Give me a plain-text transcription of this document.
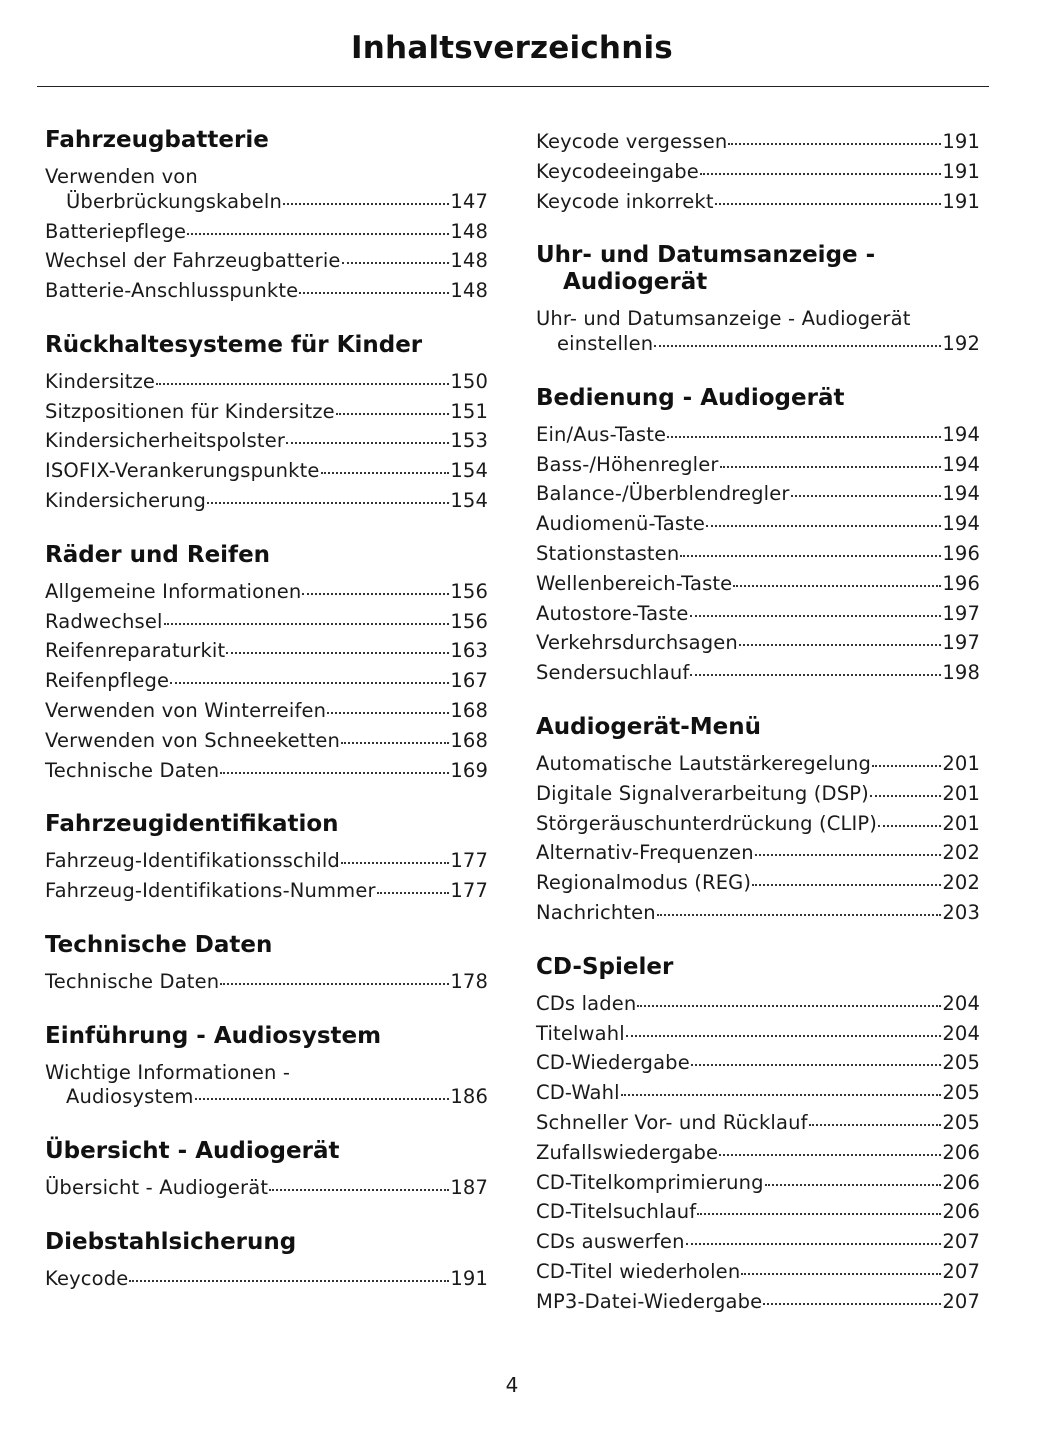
Inhaltsverzeichnis
Fahrzeugbatterie
Verwenden von
Überbrückungskabeln	147
Batteriepflege	148
Wechsel der Fahrzeugbatterie	148
Batterie-Anschlusspunkte	148
Rückhaltesysteme für Kinder
Kindersitze	150
Sitzpositionen für Kindersitze	151
Kindersicherheitspolster	153
ISOFIX-Verankerungspunkte	154
Kindersicherung	154
Räder und Reifen
Allgemeine Informationen	156
Radwechsel	156
Reifenreparaturkit	163
Reifenpflege	167
Verwenden von Winterreifen	168
Verwenden von Schneeketten	168
Technische Daten	169
Fahrzeugidentifikation
Fahrzeug-Identifikationsschild	177
Fahrzeug-Identifikations-Nummer	177
Technische Daten
Technische Daten	178
Einführung - Audiosystem
Wichtige Informationen -
Audiosystem	186
Übersicht - Audiogerät
Übersicht - Audiogerät	187
Diebstahlsicherung
Keycode	191
Keycode vergessen	191
Keycodeeingabe	191
Keycode inkorrekt	191
Uhr- und Datumsanzeige - Audiogerät
Uhr- und Datumsanzeige - Audiogerät
einstellen	192
Bedienung - Audiogerät
Ein/Aus-Taste	194
Bass-/Höhenregler	194
Balance-/Überblendregler	194
Audiomenü-Taste	194
Stationstasten	196
Wellenbereich-Taste	196
Autostore-Taste	197
Verkehrsdurchsagen	197
Sendersuchlauf	198
Audiogerät-Menü
Automatische Lautstärkeregelung	201
Digitale Signalverarbeitung (DSP)	201
Störgeräuschunterdrückung (CLIP)	201
Alternativ-Frequenzen	202
Regionalmodus (REG)	202
Nachrichten	203
CD-Spieler
CDs laden	204
Titelwahl	204
CD-Wiedergabe	205
CD-Wahl	205
Schneller Vor- und Rücklauf	205
Zufallswiedergabe	206
CD-Titelkomprimierung	206
CD-Titelsuchlauf	206
CDs auswerfen	207
CD-Titel wiederholen	207
MP3-Datei-Wiedergabe	207
4
